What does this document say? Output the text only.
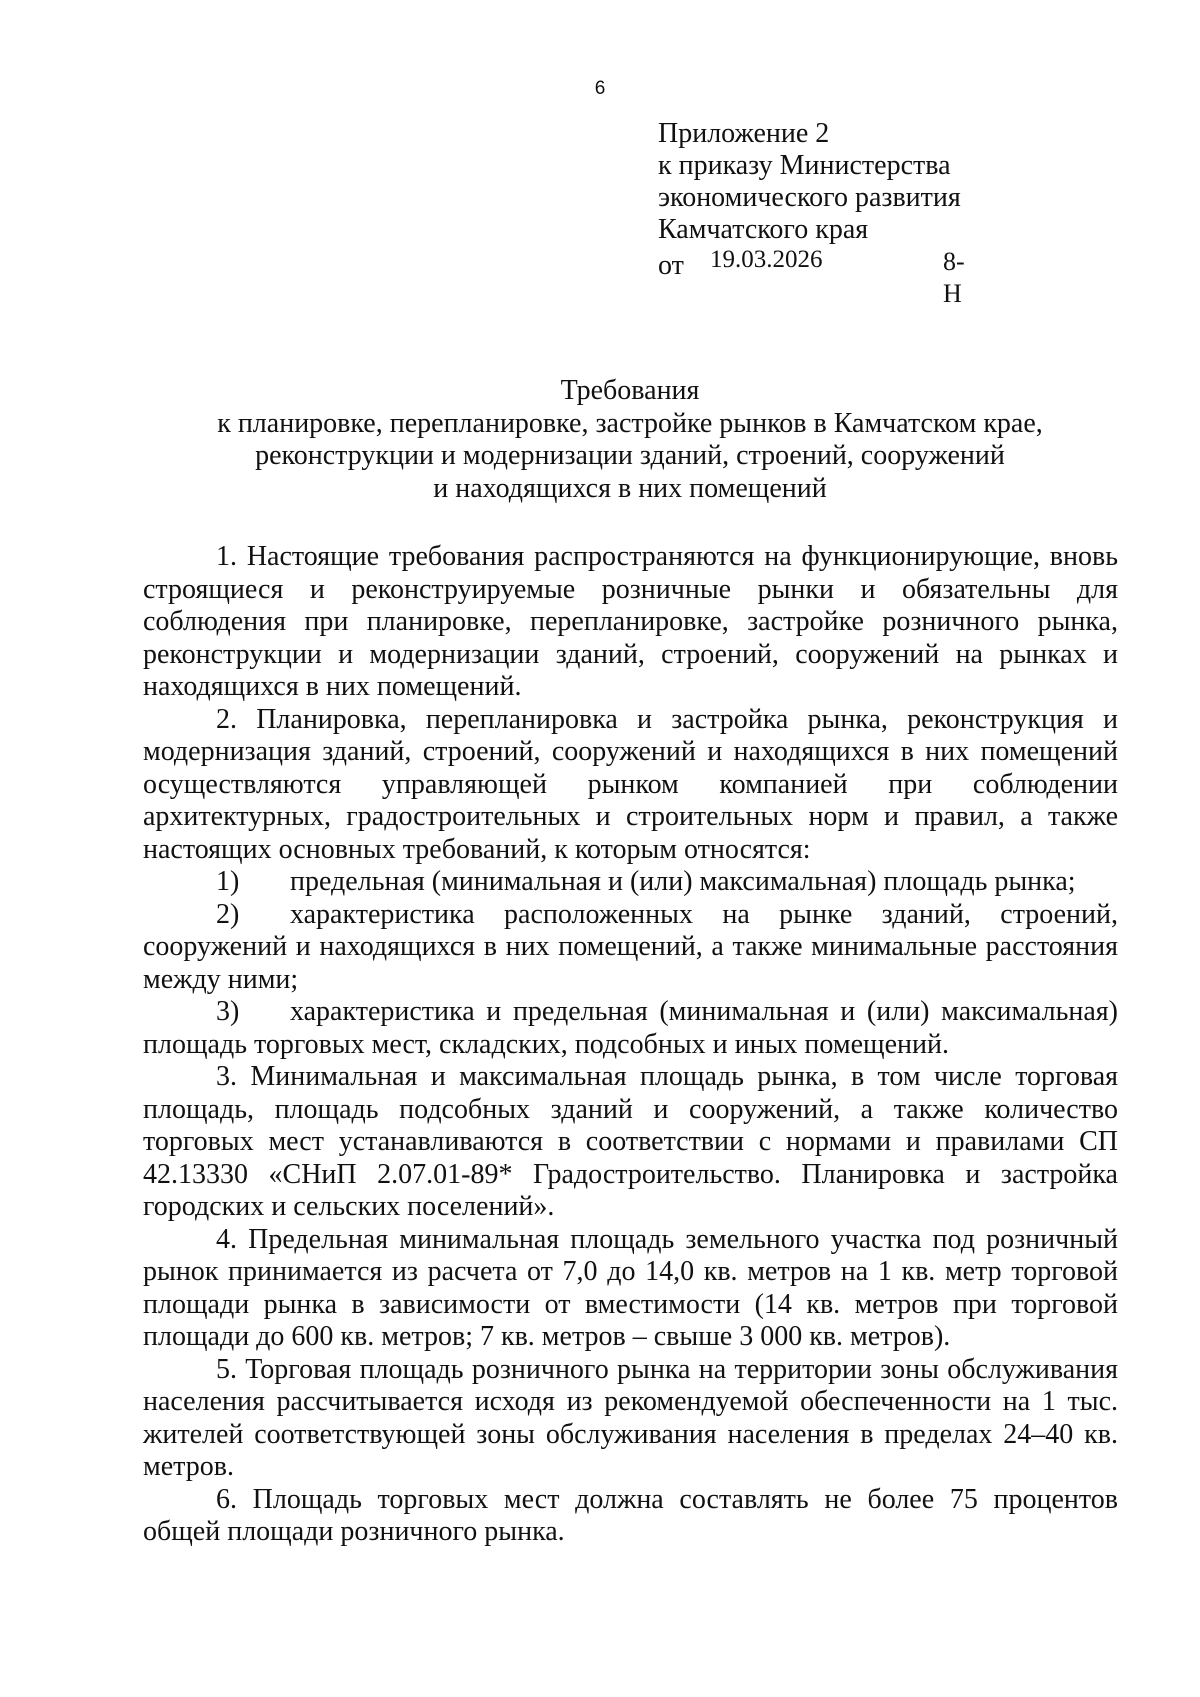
6
Приложение 2
к приказу Министерства
экономического развития
Камчатского края
от 19.03.2026	8-Н
Требования
к планировке, перепланировке, застройке рынков в Камчатском крае,
реконструкции и модернизации зданий, строений, сооружений
и находящихся в них помещений

1. Настоящие требования распространяются на функционирующие, вновь строящиеся и реконструируемые розничные рынки и обязательны для соблюдения при планировке, перепланировке, застройке розничного рынка, реконструкции и модернизации зданий, строений, сооружений на рынках и находящихся в них помещений.

2. Планировка, перепланировка и застройка рынка, реконструкция и модернизация зданий, строений, сооружений и находящихся в них помещений осуществляются управляющей рынком компанией при соблюдении архитектурных, градостроительных и строительных норм и правил, а также настоящих основных требований, к которым относятся:

1) предельная (минимальная и (или) максимальная) площадь рынка;

2) характеристика расположенных на рынке зданий, строений, сооружений и находящихся в них помещений, а также минимальные расстояния между ними;

3) характеристика и предельная (минимальная и (или) максимальная) площадь торговых мест, складских, подсобных и иных помещений.

3. Минимальная и максимальная площадь рынка, в том числе торговая площадь, площадь подсобных зданий и сооружений, а также количество торговых мест устанавливаются в соответствии с нормами и правилами СП 42.13330 «СНиП 2.07.01-89* Градостроительство. Планировка и застройка городских и сельских поселений».

4. Предельная минимальная площадь земельного участка под розничный рынок принимается из расчета от 7,0 до 14,0 кв. метров на 1 кв. метр торговой площади рынка в зависимости от вместимости (14 кв. метров при торговой площади до 600 кв. метров; 7 кв. метров – свыше 3 000 кв. метров).

5. Торговая площадь розничного рынка на территории зоны обслуживания населения рассчитывается исходя из рекомендуемой обеспеченности на 1 тыс. жителей соответствующей зоны обслуживания населения в пределах 24–40 кв. метров.

6. Площадь торговых мест должна составлять не более 75 процентов общей площади розничного рынка.
